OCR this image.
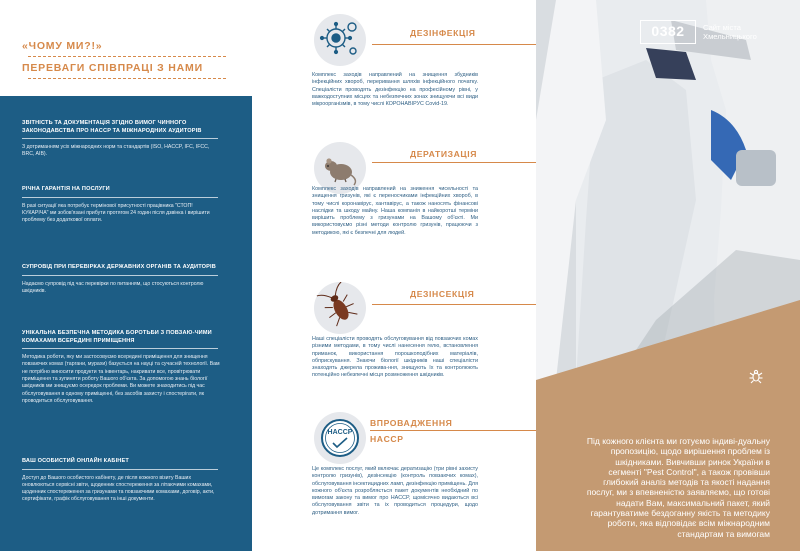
«ЧОМУ МИ?!»
ПЕРЕВАГИ СПІВПРАЦІ З НАМИ
ЗВІТНІСТЬ ТА ДОКУМЕНТАЦІЯ ЗГІДНО ВИМОГ ЧИННОГО ЗАКОНОДАВСТВА ПРО HACCP ТА МІЖНАРОДНИХ АУДИТОРІВ
З дотриманням усіх міжнародних норм та стандартів (ISO, HACCP, IFC, IFCC, BRC, AIB).
РІЧНА ГАРАНТІЯ НА ПОСЛУГИ
В разі ситуації яка потребує термінової присутності працівника "СТОП! КУКАРІЧА" ми зобов'язані прибути протягом 24 годин після дзвінка і вирішити проблему без додаткової оплати.
СУПРОВІД ПРИ ПЕРЕВІРКАХ ДЕРЖАВНИХ ОРГАНІВ ТА АУДИТОРІВ
Надаємо супровід під час перевірки по питанням, що стосуються контролю шкідників.
УНІКАЛЬНА БЕЗПЕЧНА МЕТОДИКА БОРОТЬБИ З ПОВЗАЮ-ЧИМИ КОМАХАМИ ВСЕРЕДИНІ ПРИМІЩЕННЯ
Методика роботи, яку ми застосовуємо всередині приміщення для знищення повзаючих комах (таргани, мурахи) базується на науці та сучасній технології. Вам не потрібно виносити продукти та інвентарь, накривати все, провітрювати приміщення та зупиняти роботу Вашого об'єкта. За допомогою знань біології шкідників ми знищуємо осередок проблеми. Ви можете знаходитись під час обслуговування в одному приміщенні, без засобів захисту і спостерігати, як проводиться обслуговування.
ВАШ ОСОБИСТИЙ ОНЛАЙН КАБІНЕТ
Доступ до Вашого особистого кабінету, де після кожного візиту Ваших оновлюються сервісні звіти, щоденник спостереження за літаючими комахами, щоденник спостереження за гризунами та повзаючими комахами, договір, акти, сертифікати, графік обслуговування та інші документи.
ДЕЗІНФЕКЦІЯ
Комплекс заходів направлений на знищення збудників інфекційних хвороб, переривання шляхів інфекційного початку. Спеціалісти проводять дезінфекцію на професійному рівні, у важкодоступних місцях та небезпечних зонах знищуючи всі види мікроорганізмів, в тому числі КОРОНАВІРУС Covid-19.
ДЕРАТИЗАЦІЯ
Комплекс заходів направлений на зниження чисельності та знищення гризунів, які є переносчиками інфекційних хвороб, в тому числі коронавірус, хантавірус, а також наносять фінансові наслідки та шкоду майну. Наша компанія в найкоротші терміни вирішить проблему з гризунами на Вашому об'єкті. Ми використовуємо різні методи контролю гризунів, працюючи з методикою, які є безпечні для людей.
ДЕЗІНСЕКЦІЯ
Наші спеціалісти проводять обслуговування від повзаючих комах різними методами, в тому числі нанесення гелю, встановлення приманок, використання порошкоподібних матеріалів, обприскування. Знаючи біології шкідників наші спеціалісти знаходять джерела прожива-ння, знищують їх та контролюють потенційно небезпечні місця розмноження шкідників.
HACCP
ВПРОВАДЖЕННЯ
HACCP
Це комплекс послуг, який включає дератизацію (три рівні захисту контролю гризунів), дезінсекцію (контроль повзаючих комах), обслуговування інсектицидних ламп, дезінфекцію приміщень. Для кожного об'єкта розробляється пакет документів необхідний по вимогам закону та вимог про HACCP, щомісячно видаються всі обслуговування звіти та іх проводиться процедури, щодо дотримання вимог.
0382	Сайт міста
Хмельницького
Під кожного клієнта ми готуємо індиві-дуальну пропозицію, щодо вирішення проблем із шкідниками. Вивчивши ринок України в сегменті "Pest Control", а також провівши глибокий аналіз методів та якості надання послуг, ми з впевненістю заявляємо, що готові надати Вам, максимальний пакет, який гарантуватиме бездоганну якість та методику роботи, яка відповідає всім міжнародним стандартам та вимогам
